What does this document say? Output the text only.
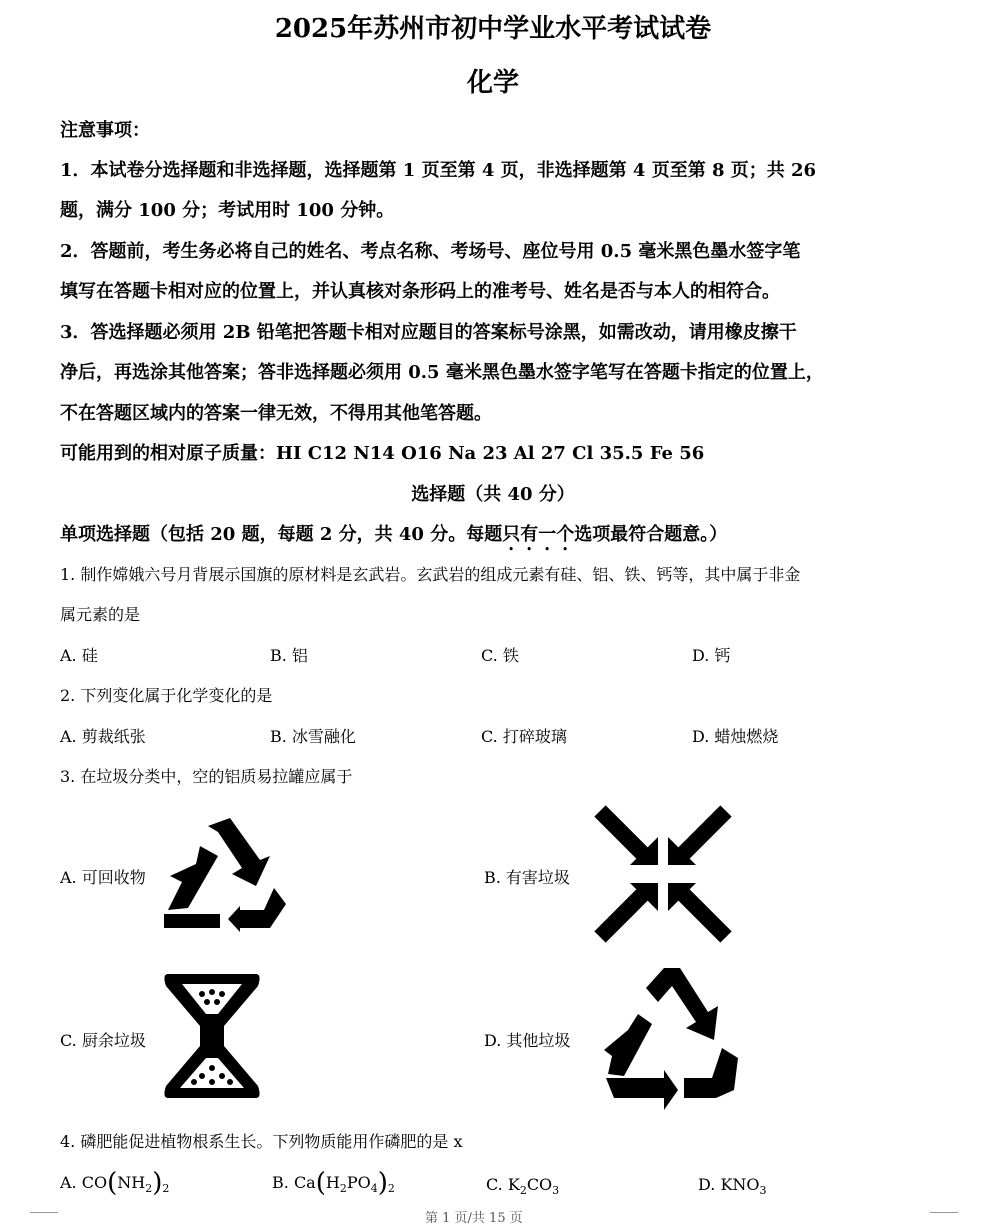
2025年苏州市初中学业水平考试试卷
化学
注意事项：
1．本试卷分选择题和非选择题，选择题第 1 页至第 4 页，非选择题第 4 页至第 8 页；共 26
题，满分 100 分；考试用时 100 分钟。
2．答题前，考生务必将自己的姓名、考点名称、考场号、座位号用 0.5 毫米黑色墨水签字笔
填写在答题卡相对应的位置上，并认真核对条形码上的准考号、姓名是否与本人的相符合。
3．答选择题必须用 2B 铅笔把答题卡相对应题目的答案标号涂黑，如需改动，请用橡皮擦干
净后，再选涂其他答案；答非选择题必须用 0.5 毫米黑色墨水签字笔写在答题卡指定的位置上，
不在答题区域内的答案一律无效，不得用其他笔答题。
可能用到的相对原子质量：HI C12 N14 O16 Na 23 Al 27 Cl 35.5 Fe 56
选择题（共 40 分）
单项选择题（包括 20 题，每题 2 分，共 40 分。每题只有一个选项最符合题意。）
1. 制作嫦娥六号月背展示国旗的原材料是玄武岩。玄武岩的组成元素有硅、铝、铁、钙等，其中属于非金
属元素的是
A. 硅	B. 铝	C. 铁	D. 钙
2. 下列变化属于化学变化的是
A. 剪裁纸张	B. 冰雪融化	C. 打碎玻璃	D. 蜡烛燃烧
3. 在垃圾分类中，空的铝质易拉罐应属于
A. 可回收物	B. 有害垃圾
C. 厨余垃圾	D. 其他垃圾
4. 磷肥能促进植物根系生长。下列物质能用作磷肥的是 x
A. $CO(NH_2)_2$	B. $Ca(H_2PO_4)_2$	C. $K_2CO_3$	D. $KNO_3$
第 1 页/共 15 页
